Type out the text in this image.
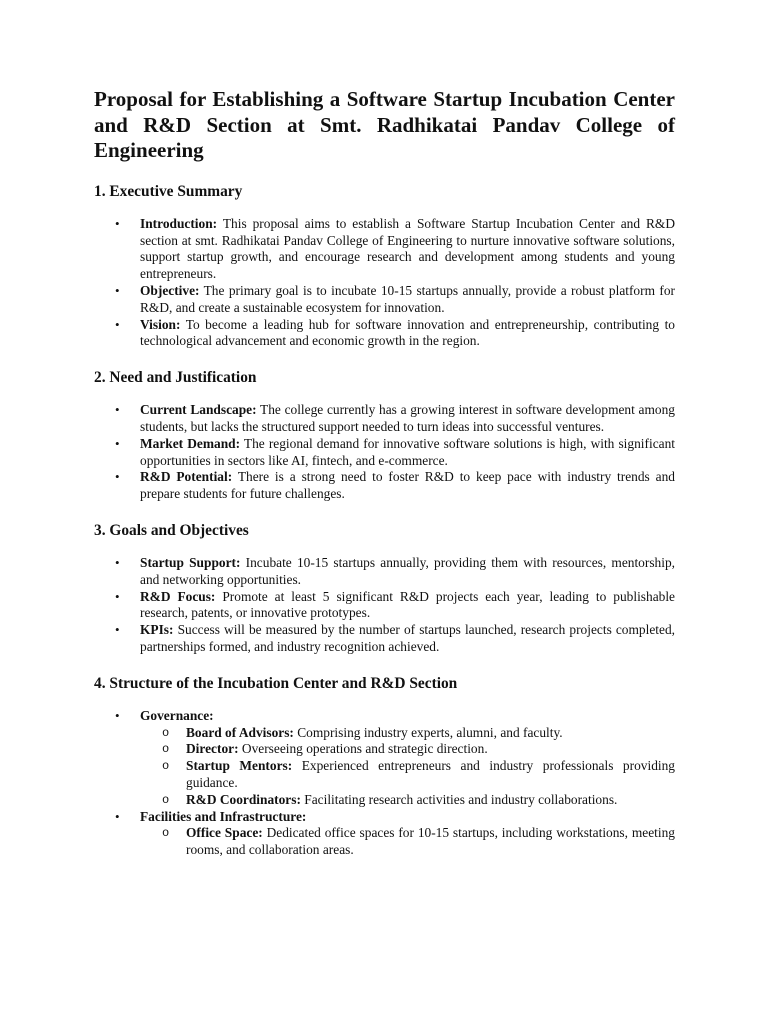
Proposal for Establishing a Software Startup Incubation Center and R&D Section at Smt. Radhikatai Pandav College of Engineering
1. Executive Summary
• Introduction: This proposal aims to establish a Software Startup Incubation Center and R&D section at smt. Radhikatai Pandav College of Engineering to nurture innovative software solutions, support startup growth, and encourage research and development among students and young entrepreneurs.
• Objective: The primary goal is to incubate 10-15 startups annually, provide a robust platform for R&D, and create a sustainable ecosystem for innovation.
• Vision: To become a leading hub for software innovation and entrepreneurship, contributing to technological advancement and economic growth in the region.
2. Need and Justification
• Current Landscape: The college currently has a growing interest in software development among students, but lacks the structured support needed to turn ideas into successful ventures.
• Market Demand: The regional demand for innovative software solutions is high, with significant opportunities in sectors like AI, fintech, and e-commerce.
• R&D Potential: There is a strong need to foster R&D to keep pace with industry trends and prepare students for future challenges.
3. Goals and Objectives
• Startup Support: Incubate 10-15 startups annually, providing them with resources, mentorship, and networking opportunities.
• R&D Focus: Promote at least 5 significant R&D projects each year, leading to publishable research, patents, or innovative prototypes.
• KPIs: Success will be measured by the number of startups launched, research projects completed, partnerships formed, and industry recognition achieved.
4. Structure of the Incubation Center and R&D Section
• Governance:
o Board of Advisors: Comprising industry experts, alumni, and faculty.
o Director: Overseeing operations and strategic direction.
o Startup Mentors: Experienced entrepreneurs and industry professionals providing guidance.
o R&D Coordinators: Facilitating research activities and industry collaborations.
• Facilities and Infrastructure:
o Office Space: Dedicated office spaces for 10-15 startups, including workstations, meeting rooms, and collaboration areas.
